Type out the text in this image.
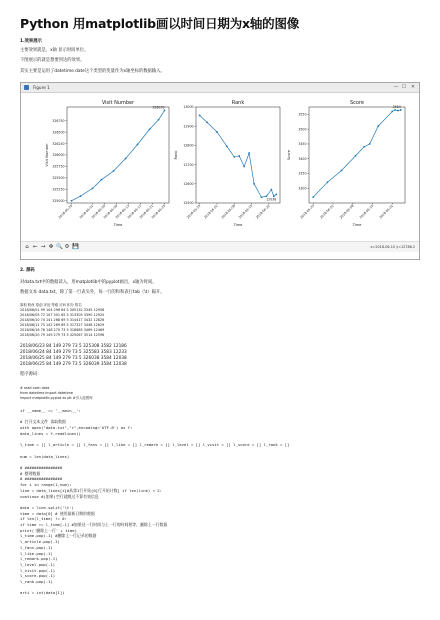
Python 用matplotlib画以时间日期为x轴的图像
1.效果展示
主要效果就是，x轴 显示时间单位。
下图展示的就是想要到达的效果。
其实主要是运用了datetime.date这个类型的变量作为x轴坐标的数据输入。
Figure 1	— ☐ ✕
Visit Number
325000
325250
325500
325750
326000
326250
326500
326750
2018-05-25 2018-06-01
2018-06-05
2018-06-09
2018-06-13
2018-06-17
2018-06-21
2018-06-25
Time
Visit Number
326039
Rank
12500
12600
12700
12800
12900
13000
2018-05-25 2018-06-01 2018-06-08 2018-06-15 2018-06-22
Time
Rank
12038
Score
3300
3350
3400
3450
3500
3550
2018-05-25 2018-06-01 2018-06-08 2018-06-15 2018-06-22
Time
Score
3584
⌂ ← → ✥ 🔍 ⚙ 💾	x=2018-06-10 y=12786.2
2. 源码
对data.txt中的数据读入，用matplotlib中的pyplot画出，x轴为时间。
数据文本 data.txt，除了第一行表头外，每一行的和和表行tab（\t）隔开。
原积 粉丝 原创 评论 等级 访问 积分 排名
2018/06/01 99 104 296 64 5 305132 3345 12956
2018/06/05 72 107 301 65 5 313305 3390 12920
2018/06/10 74 141 268 69 5 314417 3432 12826
2018/06/11 75 142 269 69 5 317327 3448 12629
2018/06/16 76 148 270 73 5 318685 3469 12469
2018/06/20 79 149 279 73 5 325067 3514 12596
2018/06/23 84 149 279 73 5 325308 3582 12186
2018/06/24 84 149 279 73 5 325583 3583 12233
2018/06/25 84 149 279 73 5 326038 3584 12038
2018/06/25 84 149 279 73 5 326039 3584 12038
程序源码：
# read csdn data
from datetime import datetime
import matplotlib.pyplot as plt #引入绘图库
if __name__ == '__main__':
# 打开文本文件 读取数据
with open("data.txt","r",encoding='UTF-8') as f:
data_lines = f.readlines()
l_time = [] l_article = [] l_fans = [] l_like = [] l_remark = [] l_level = [] l_visit = [] l_score = [] l_rank = []
num = len(data_lines)
# ################
# 整理数据
# ################
for i in range(1,num):
line = data_lines[i]#从第1行开始[0]行开始计数[ if len(line) < 2:
continue #(如果)空行就跳过不算有效信息
data = line.split('\t')
time = data[0] # 使用最新日期的数据
if len(l_time) != 0:
if time == l_time[-1] #如果这一行时间与上一行的时间相等，删除上一行数据
print('删除上一行' + time)
l_time.pop(-1) #删除上一行记录的数据
l_article.pop(-1)
l_fans.pop(-1)
l_like.pop(-1)
l_remark.pop(-1)
l_level.pop(-1)
l_visit.pop(-1)
l_score.pop(-1)
l_rank.pop(-1)
arti = int(data[1])
